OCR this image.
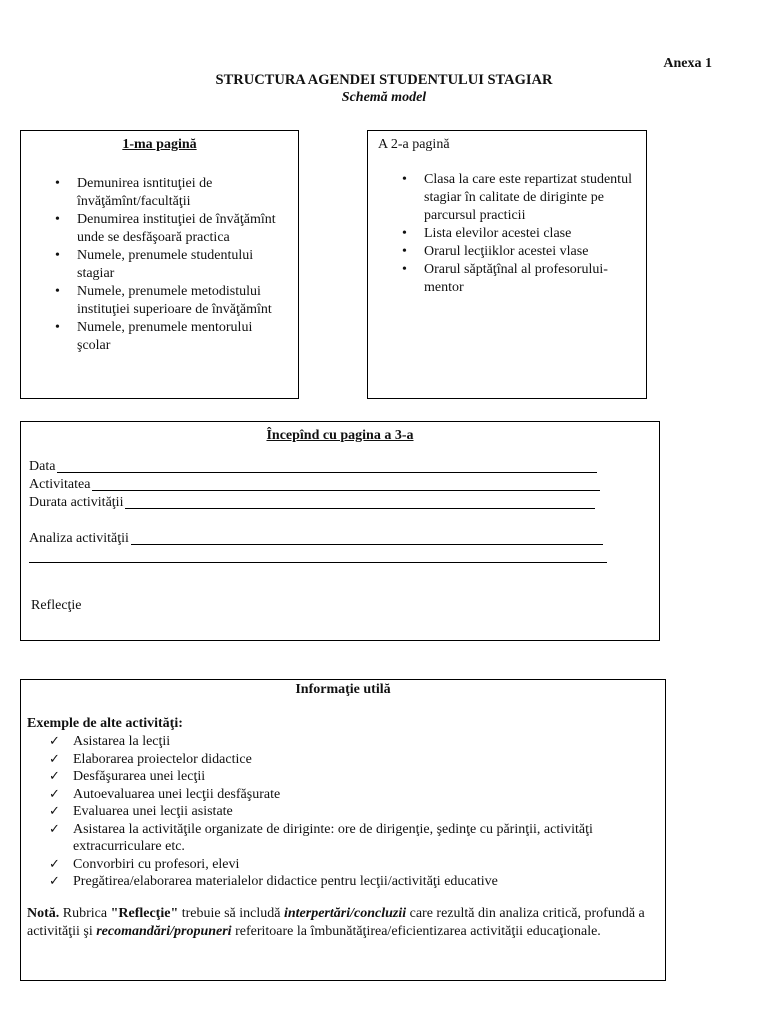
Anexa 1
STRUCTURA AGENDEI STUDENTULUI STAGIAR
Schemă model
1-ma pagină
• Demunirea isntituţiei de învăţămînt/facultăţii
• Denumirea instituţiei de învăţămînt unde se desfăşoară practica
• Numele, prenumele studentului stagiar
• Numele, prenumele metodistului instituţiei superioare de învăţămînt
• Numele, prenumele mentorului şcolar
A 2-a pagină
• Clasa la care este repartizat studentul stagiar în calitate de diriginte pe parcursul practicii
• Lista elevilor acestei clase
• Orarul lecţiiklor acestei vlase
• Orarul săptăţînal al profesorului-mentor
Începînd cu pagina a 3-a
Data
Activitatea
Durata activităţii
Analiza activităţii
Reflecţie
Informaţie utilă
Exemple de alte activităţi:
✓ Asistarea la lecţii
✓ Elaborarea proiectelor didactice
✓ Desfăşurarea unei lecţii
✓ Autoevaluarea unei lecţii desfăşurate
✓ Evaluarea unei lecţii asistate
✓ Asistarea la activităţile organizate de diriginte: ore de dirigenţie, şedinţe cu părinţii, activităţi extracurriculare etc.
✓ Convorbiri cu profesori, elevi
✓ Pregătirea/elaborarea materialelor didactice pentru lecţii/activităţi educative
Notă. Rubrica "Reflecţie" trebuie să includă interpertări/concluzii care rezultă din analiza critică, profundă a activităţii şi recomandări/propuneri referitoare la îmbunătăţirea/eficientizarea activităţii educaţionale.
